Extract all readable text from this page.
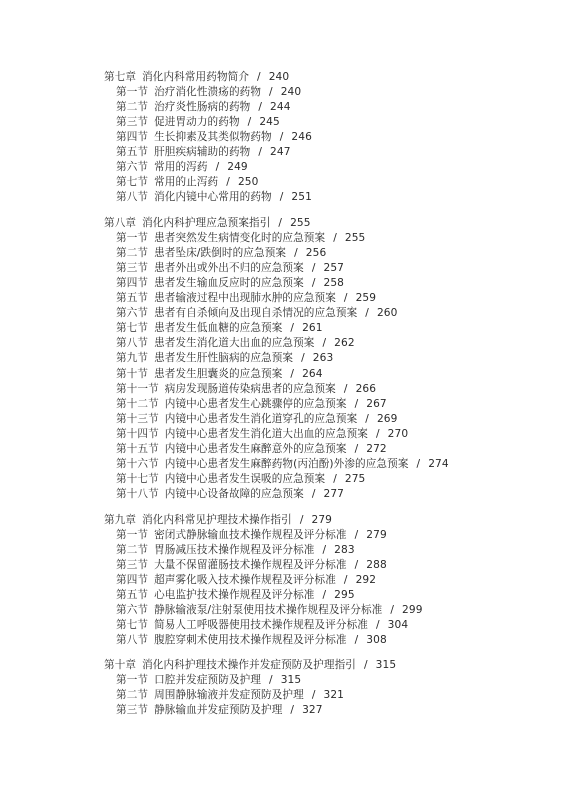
第七章 消化内科常用药物简介 / 240
第一节 治疗消化性溃疡的药物 / 240
第二节 治疗炎性肠病的药物 / 244
第三节 促进胃动力的药物 / 245
第四节 生长抑素及其类似物药物 / 246
第五节 肝胆疾病辅助的药物 / 247
第六节 常用的泻药 / 249
第七节 常用的止泻药 / 250
第八节 消化内镜中心常用的药物 / 251
第八章 消化内科护理应急预案指引 / 255
第一节 患者突然发生病情变化时的应急预案 / 255
第二节 患者坠床/跌倒时的应急预案 / 256
第三节 患者外出或外出不归的应急预案 / 257
第四节 患者发生输血反应时的应急预案 / 258
第五节 患者输液过程中出现肺水肿的应急预案 / 259
第六节 患者有自杀倾向及出现自杀情况的应急预案 / 260
第七节 患者发生低血糖的应急预案 / 261
第八节 患者发生消化道大出血的应急预案 / 262
第九节 患者发生肝性脑病的应急预案 / 263
第十节 患者发生胆囊炎的应急预案 / 264
第十一节 病房发现肠道传染病患者的应急预案 / 266
第十二节 内镜中心患者发生心跳骤停的应急预案 / 267
第十三节 内镜中心患者发生消化道穿孔的应急预案 / 269
第十四节 内镜中心患者发生消化道大出血的应急预案 / 270
第十五节 内镜中心患者发生麻醉意外的应急预案 / 272
第十六节 内镜中心患者发生麻醉药物(丙泊酚)外渗的应急预案 / 274
第十七节 内镜中心患者发生误吸的应急预案 / 275
第十八节 内镜中心设备故障的应急预案 / 277
第九章 消化内科常见护理技术操作指引 / 279
第一节 密闭式静脉输血技术操作规程及评分标准 / 279
第二节 胃肠减压技术操作规程及评分标准 / 283
第三节 大量不保留灌肠技术操作规程及评分标准 / 288
第四节 超声雾化吸入技术操作规程及评分标准 / 292
第五节 心电监护技术操作规程及评分标准 / 295
第六节 静脉输液泵/注射泵使用技术操作规程及评分标准 / 299
第七节 简易人工呼吸器使用技术操作规程及评分标准 / 304
第八节 腹腔穿刺术使用技术操作规程及评分标准 / 308
第十章 消化内科护理技术操作并发症预防及护理指引 / 315
第一节 口腔并发症预防及护理 / 315
第二节 周围静脉输液并发症预防及护理 / 321
第三节 静脉输血并发症预防及护理 / 327
